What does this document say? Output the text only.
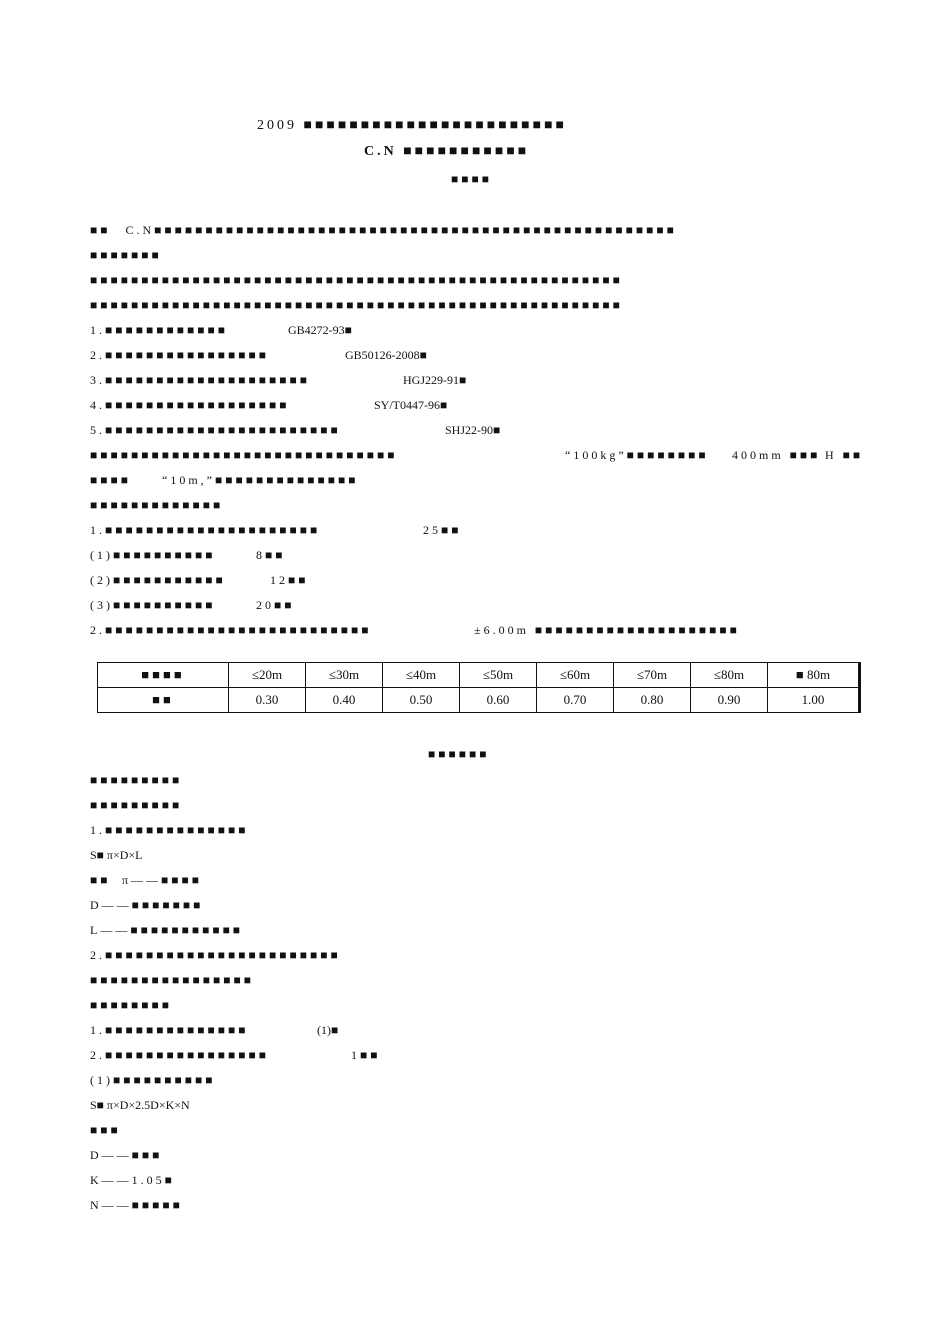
2009 ■■■■■■■■■■■■■■■■■■■■■■■
C.N ■■■■■■■■■■■
■■■■
■■　C.N■■■■■■■■■■■■■■■■■■■■■■■■■■■■■■■■■■■■■■■■■■■■■■■■■■■
■■■■■■■
■■■■■■■■■■■■■■■■■■■■■■■■■■■■■■■■■■■■■■■■■■■■■■■■■■■■
■■■■■■■■■■■■■■■■■■■■■■■■■■■■■■■■■■■■■■■■■■■■■■■■■■■■
1.■■■■■■■■■■■■	GB4272-93■
2.■■■■■■■■■■■■■■■■	GB50126-2008■
3.■■■■■■■■■■■■■■■■■■■■	HGJ229-91■
4.■■■■■■■■■■■■■■■■■■	SY/T0447-96■
5.■■■■■■■■■■■■■■■■■■■■■■■	SHJ22-90■
■■■■■■■■■■■■■■■■■■■■■■■■■■■■■■	“100kg”■■■■■■■■ 400mm ■■■ H ■■
■■■■	“10m,”■■■■■■■■■■■■■■
■■■■■■■■■■■■■
1.■■■■■■■■■■■■■■■■■■■■■	25■■
(1)■■■■■■■■■■	8■■
(2)■■■■■■■■■■■	12■■
(3)■■■■■■■■■■	20■■
2.■■■■■■■■■■■■■■■■■■■■■■■■■■	±6.00m ■■■■■■■■■■■■■■■■■■■■
■■■■	≤20m	≤30m	≤40m	≤50m	≤60m	≤70m	≤80m	■ 80m
■■	0.30	0.40	0.50	0.60	0.70	0.80	0.90	1.00
■■■■■■
■■■■■■■■■
■■■■■■■■■
1.■■■■■■■■■■■■■■
S■ π×D×L
■■ π——■■■■
D——■■■■■■■
L——■■■■■■■■■■■
2.■■■■■■■■■■■■■■■■■■■■■■■
■■■■■■■■■■■■■■■■
■■■■■■■■
1.■■■■■■■■■■■■■■	(1)■
2.■■■■■■■■■■■■■■■■	1■■
(1)■■■■■■■■■■
S■ π×D×2.5D×K×N
■■■
D——■■■
K——1.05■
N——■■■■■
